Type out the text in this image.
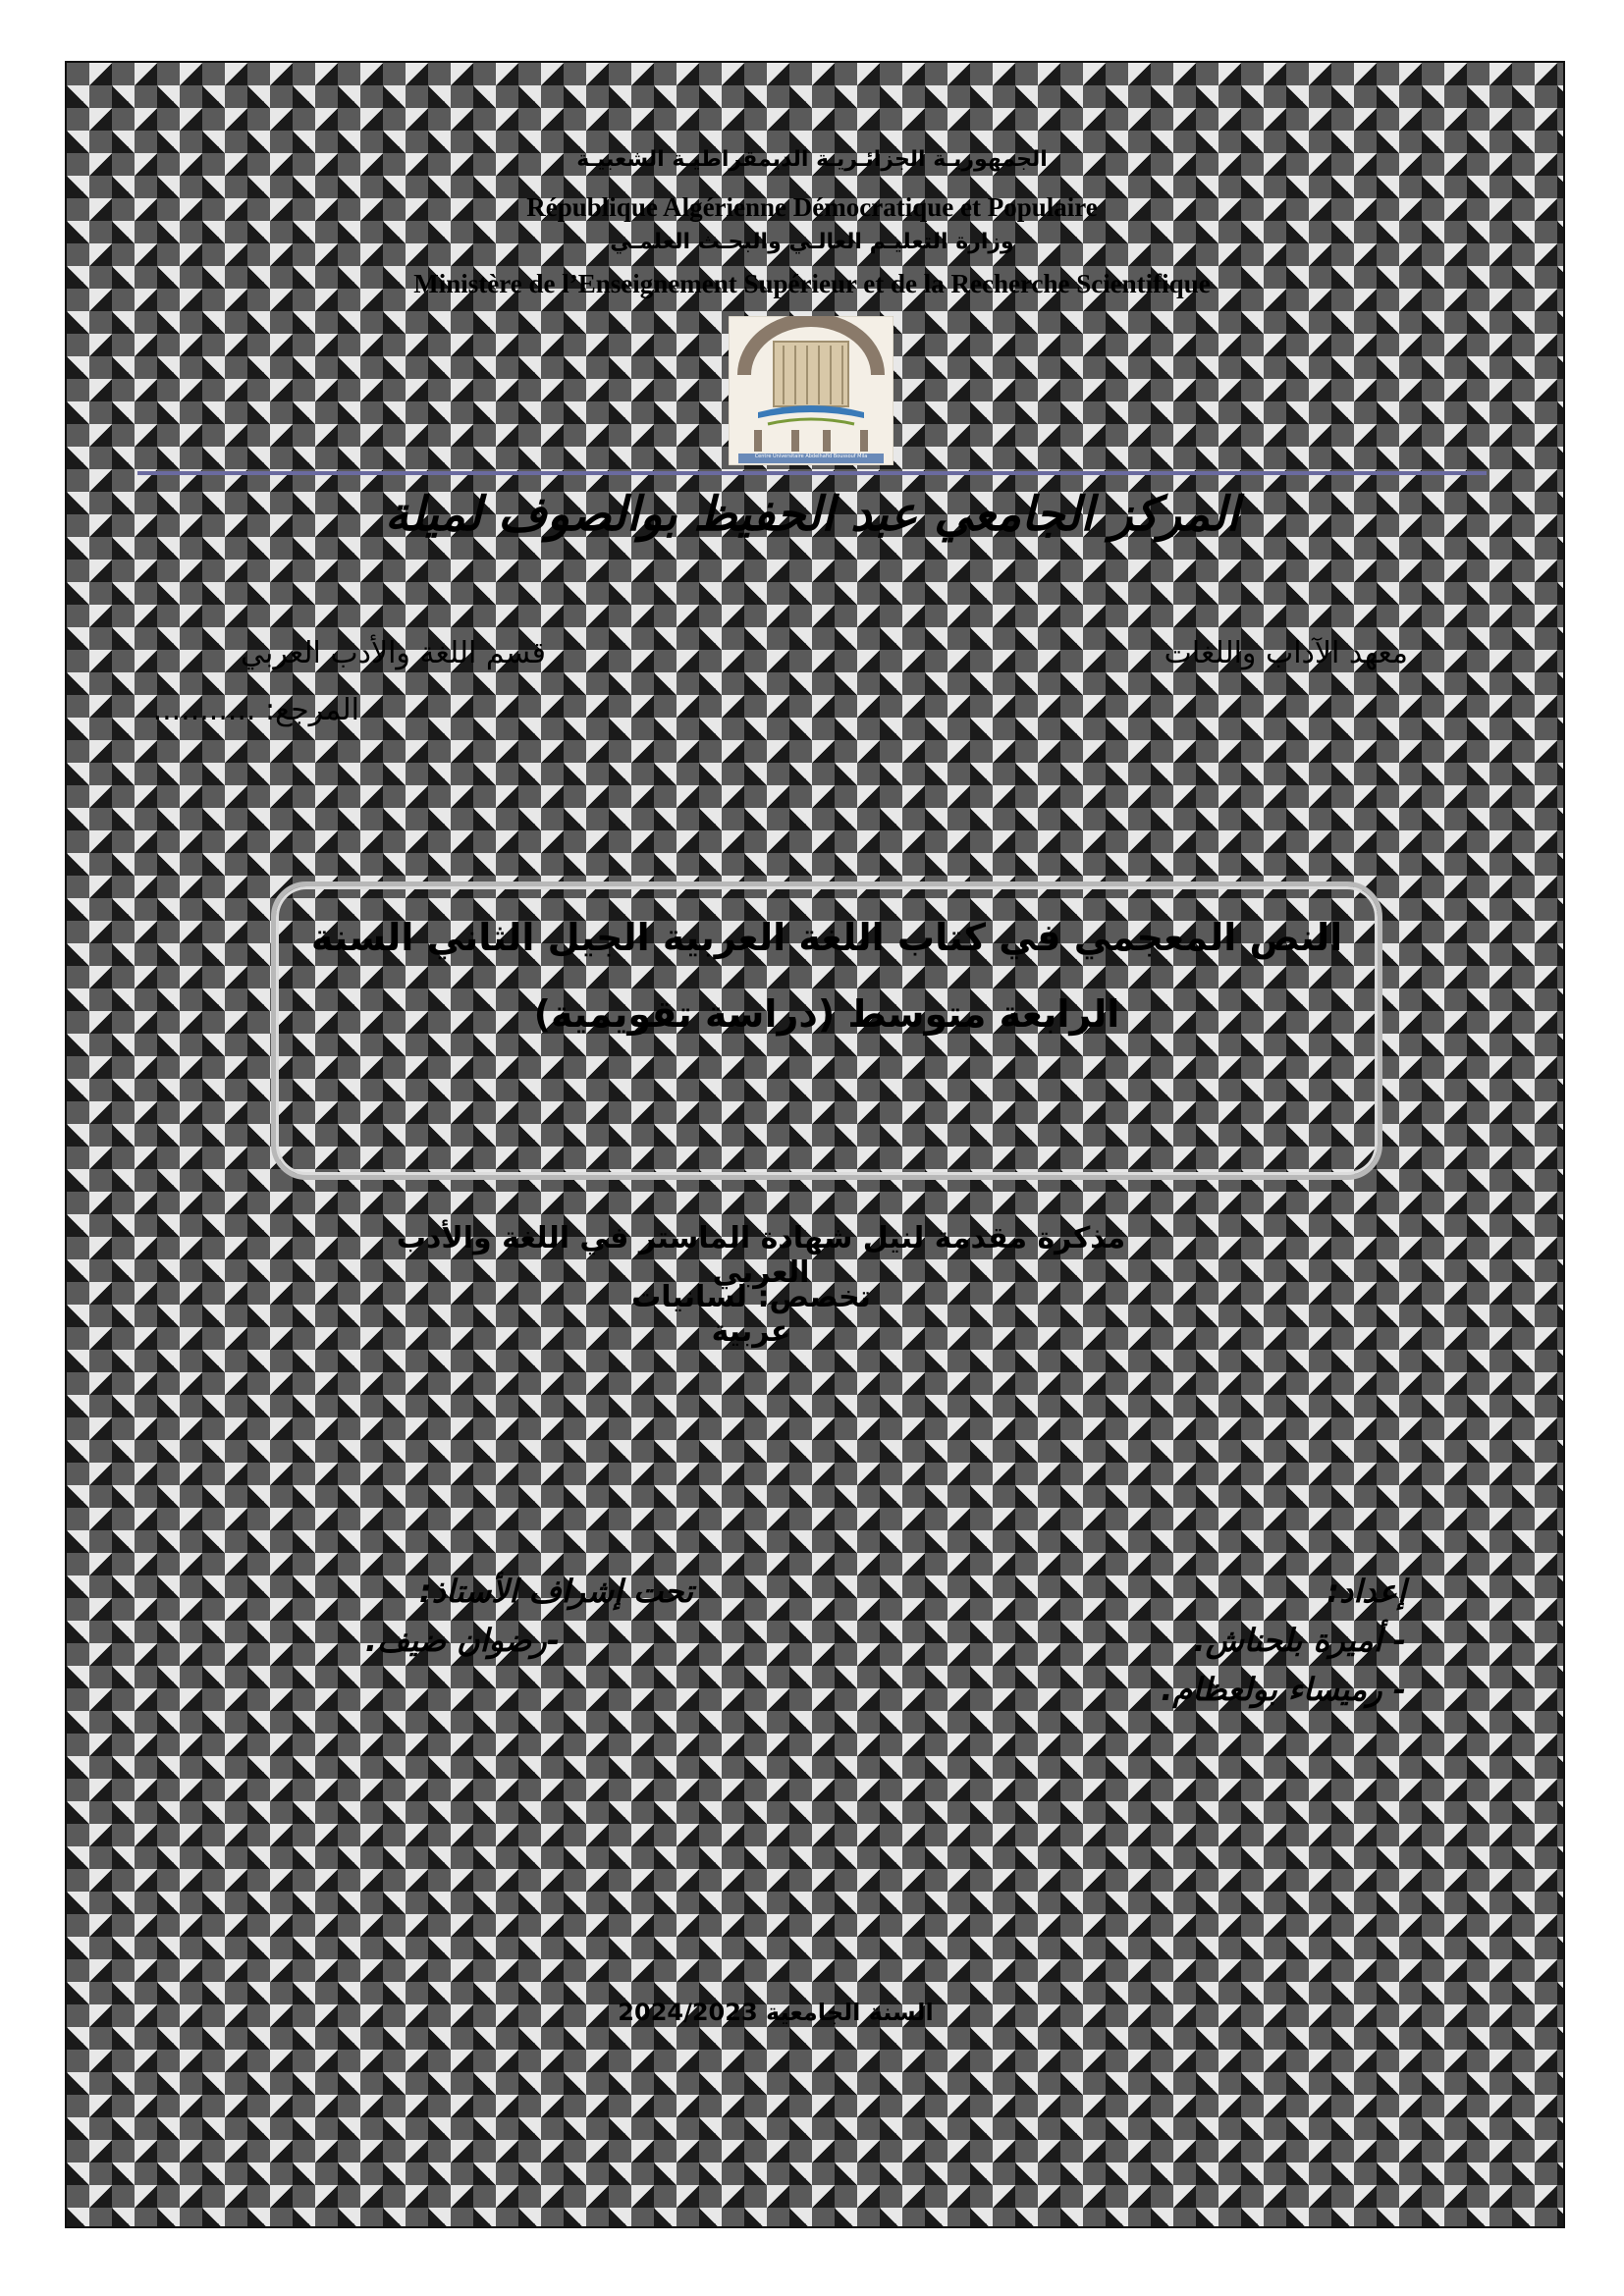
الجمهوريـة الجزائـريـة الديمقراطيـة الشعبيـة
République Algérienne Démocratique et Populaire
وزارة التعليـم العالـي والبحـث العلمـي
Ministère de l’Enseignement Supérieur et de la Recherche Scientifique
Centre Universitaire Abdelhafid Boussouf Mila
المركز الجامعي عبد الحفيظ بوالصوف لميلة
معهد الآداب واللغات
قسم اللغة والأدب العربي
المرجع: ...........
النص المعجمي في كتاب اللغة العربية الجيل الثاني السنة
الرابعة متوسط (دراسة تقويمية)
مذكرة مقدمة لنيل شهادة الماستر في اللغة والأدب العربي
تخصص: لسانيات عربية
إعداد:
- أميرة بلحناش.
- رميساء بولعظام.
تحت إشراف الأستاذ:
-رضوان ضيف.
السنة الجامعية 2024/2023
